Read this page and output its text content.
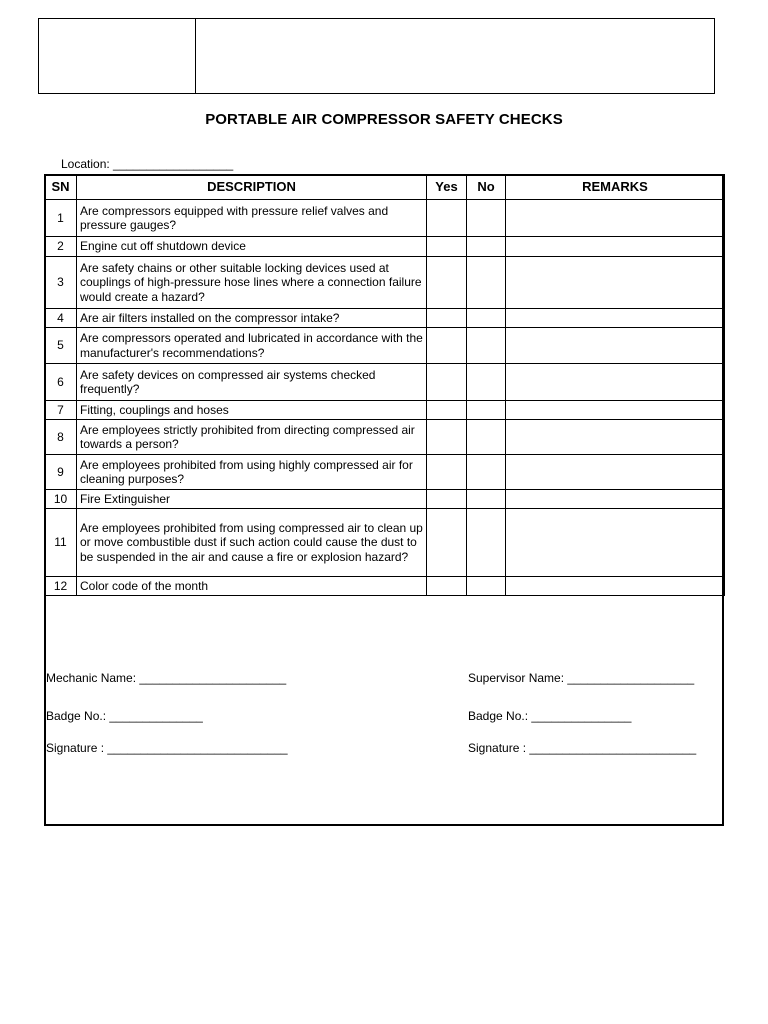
PORTABLE AIR COMPRESSOR SAFETY CHECKS
Location: __________________
SN	DESCRIPTION	Yes	No	REMARKS
1	Are compressors equipped with pressure relief valves and pressure gauges?			
2	Engine cut off shutdown device			
3	Are safety chains or other suitable locking devices used at couplings of high-pressure hose lines where a connection failure would create a hazard?			
4	Are air filters installed on the compressor intake?			
5	Are compressors operated and lubricated in accordance with the manufacturer's recommendations?			
6	Are safety devices on compressed air systems checked frequently?			
7	Fitting, couplings and hoses			
8	Are employees strictly prohibited from directing compressed air towards a person?			
9	Are employees prohibited from using highly compressed air for cleaning purposes?			
10	Fire Extinguisher			
11	Are employees prohibited from using compressed air to clean up or move combustible dust if such action could cause the dust to be suspended in the air and cause a fire or explosion hazard?			
12	Color code of the month			
Mechanic Name: ______________________
Badge No.: ______________
Signature : ___________________________
Supervisor Name: ___________________
Badge No.: _______________
Signature : _________________________
